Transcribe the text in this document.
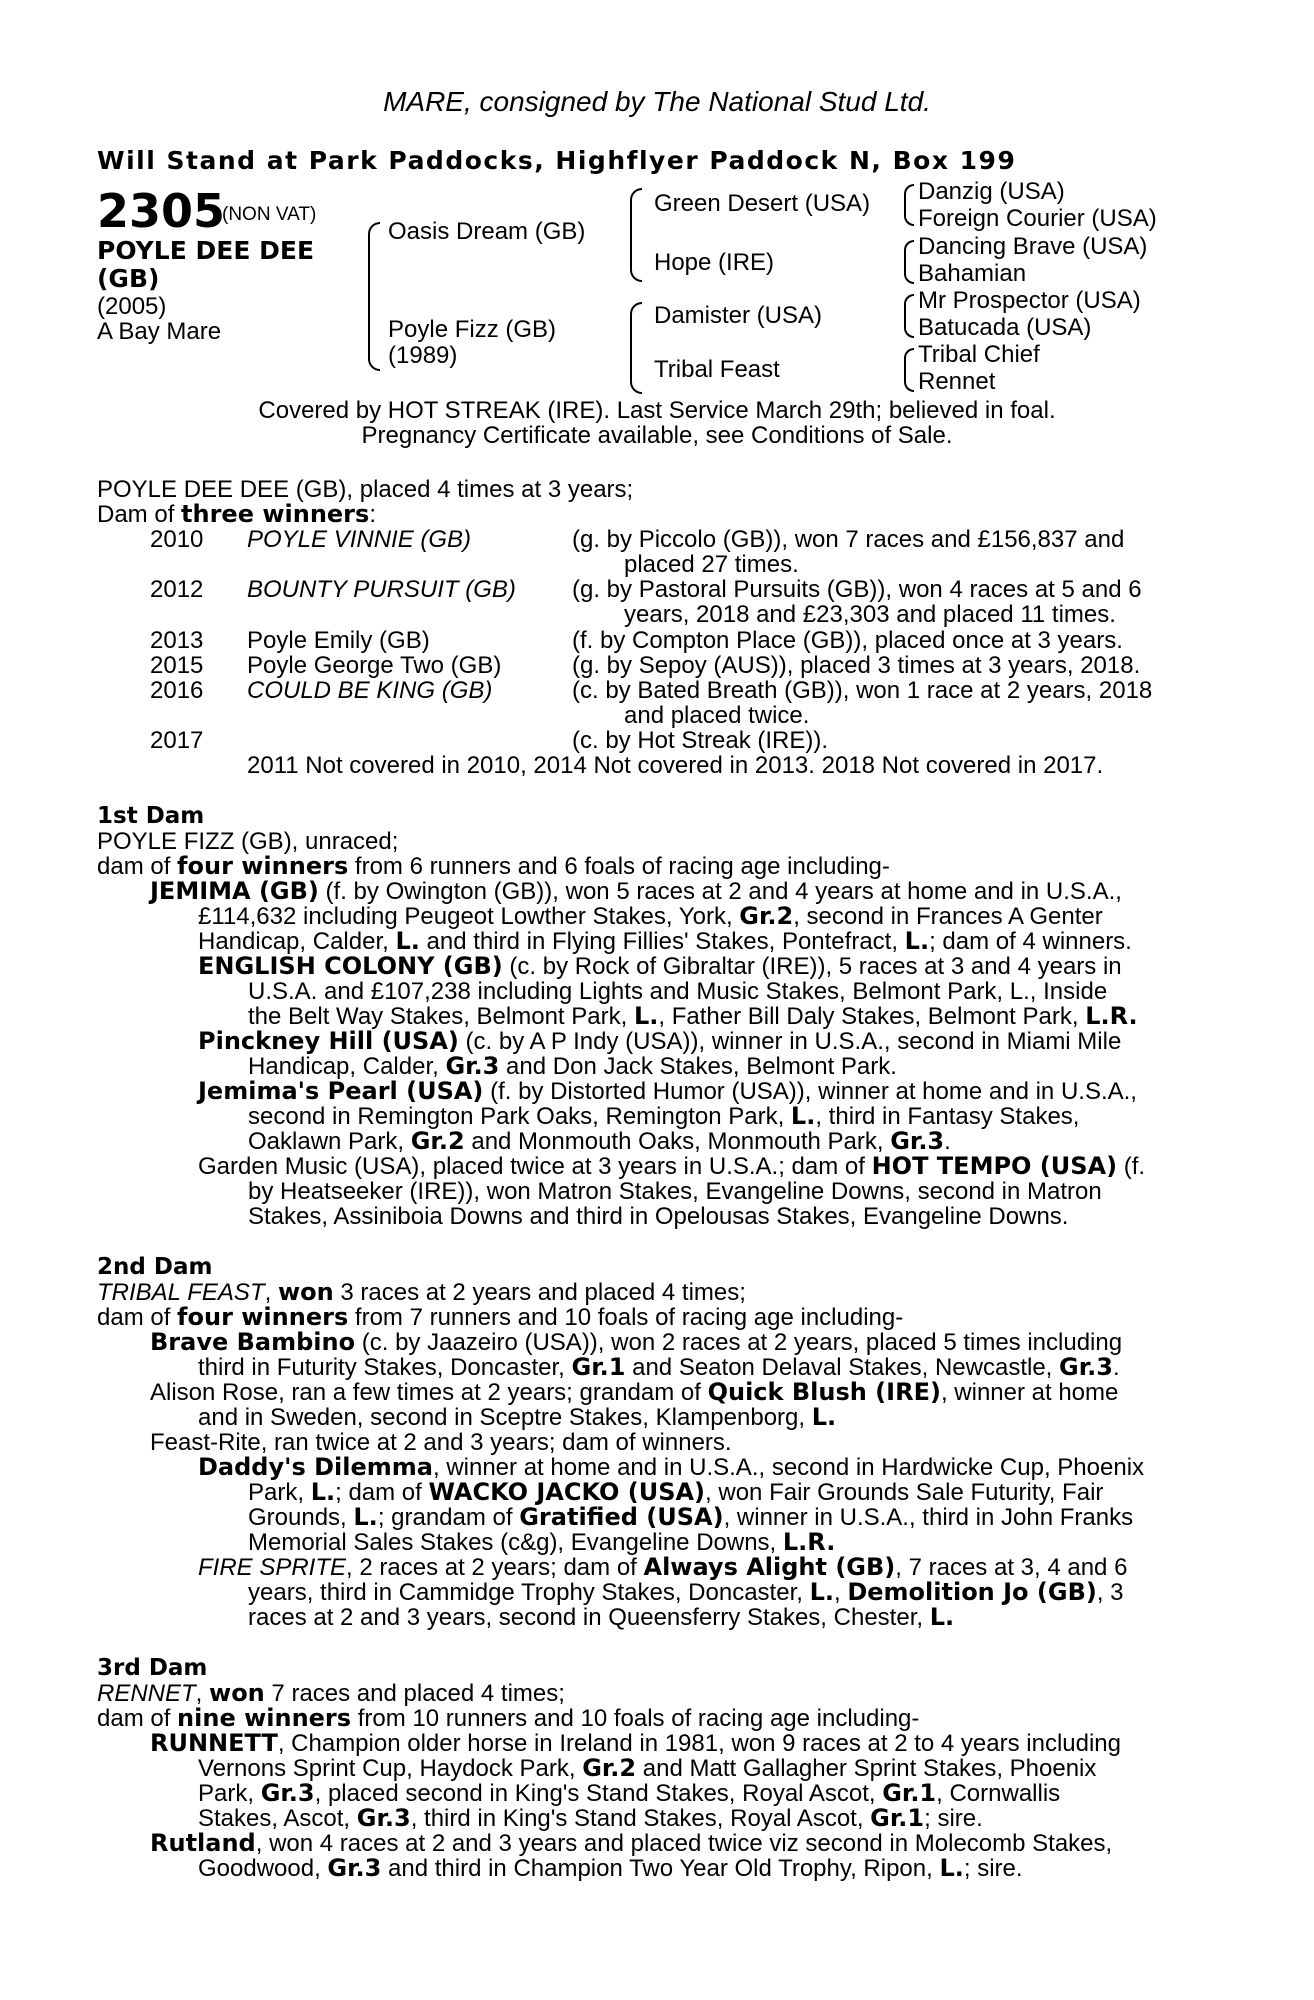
MARE, consigned by The National Stud Ltd.
Will Stand at Park Paddocks, Highflyer Paddock N, Box 199
2305
(NON VAT)
POYLE DEE DEE
(GB)
(2005)
A Bay Mare
Oasis Dream (GB)
Poyle Fizz (GB)
(1989)
Green Desert (USA)
Hope (IRE)
Damister (USA)
Tribal Feast
Danzig (USA)
Foreign Courier (USA)
Dancing Brave (USA)
Bahamian
Mr Prospector (USA)
Batucada (USA)
Tribal Chief
Rennet
Covered by HOT STREAK (IRE). Last Service March 29th; believed in foal.
Pregnancy Certificate available, see Conditions of Sale.
POYLE DEE DEE (GB), placed 4 times at 3 years;
Dam of three winners:
2010 POYLE VINNIE (GB)	(g. by Piccolo (GB)), won 7 races and £156,837 and
placed 27 times.
2012 BOUNTY PURSUIT (GB) (g. by Pastoral Pursuits (GB)), won 4 races at 5 and 6
years, 2018 and £23,303 and placed 11 times.
2013 Poyle Emily (GB)	(f. by Compton Place (GB)), placed once at 3 years.
2015 Poyle George Two (GB)	(g. by Sepoy (AUS)), placed 3 times at 3 years, 2018.
2016 COULD BE KING (GB)	(c. by Bated Breath (GB)), won 1 race at 2 years, 2018
and placed twice.
2017	(c. by Hot Streak (IRE)).
2011 Not covered in 2010, 2014 Not covered in 2013. 2018 Not covered in 2017.
1st Dam
POYLE FIZZ (GB), unraced;
dam of four winners from 6 runners and 6 foals of racing age including-
JEMIMA (GB) (f. by Owington (GB)), won 5 races at 2 and 4 years at home and in U.S.A.,
£114,632 including Peugeot Lowther Stakes, York, Gr.2, second in Frances A Genter
Handicap, Calder, L. and third in Flying Fillies' Stakes, Pontefract, L.; dam of 4 winners.
ENGLISH COLONY (GB) (c. by Rock of Gibraltar (IRE)), 5 races at 3 and 4 years in
U.S.A. and £107,238 including Lights and Music Stakes, Belmont Park, L., Inside
the Belt Way Stakes, Belmont Park, L., Father Bill Daly Stakes, Belmont Park, L.R.
Pinckney Hill (USA) (c. by A P Indy (USA)), winner in U.S.A., second in Miami Mile
Handicap, Calder, Gr.3 and Don Jack Stakes, Belmont Park.
Jemima's Pearl (USA) (f. by Distorted Humor (USA)), winner at home and in U.S.A.,
second in Remington Park Oaks, Remington Park, L., third in Fantasy Stakes,
Oaklawn Park, Gr.2 and Monmouth Oaks, Monmouth Park, Gr.3.
Garden Music (USA), placed twice at 3 years in U.S.A.; dam of HOT TEMPO (USA) (f.
by Heatseeker (IRE)), won Matron Stakes, Evangeline Downs, second in Matron
Stakes, Assiniboia Downs and third in Opelousas Stakes, Evangeline Downs.
2nd Dam
TRIBAL FEAST, won 3 races at 2 years and placed 4 times;
dam of four winners from 7 runners and 10 foals of racing age including-
Brave Bambino (c. by Jaazeiro (USA)), won 2 races at 2 years, placed 5 times including
third in Futurity Stakes, Doncaster, Gr.1 and Seaton Delaval Stakes, Newcastle, Gr.3.
Alison Rose, ran a few times at 2 years; grandam of Quick Blush (IRE), winner at home
and in Sweden, second in Sceptre Stakes, Klampenborg, L.
Feast-Rite, ran twice at 2 and 3 years; dam of winners.
Daddy's Dilemma, winner at home and in U.S.A., second in Hardwicke Cup, Phoenix
Park, L.; dam of WACKO JACKO (USA), won Fair Grounds Sale Futurity, Fair
Grounds, L.; grandam of Gratified (USA), winner in U.S.A., third in John Franks
Memorial Sales Stakes (c&g), Evangeline Downs, L.R.
FIRE SPRITE, 2 races at 2 years; dam of Always Alight (GB), 7 races at 3, 4 and 6
years, third in Cammidge Trophy Stakes, Doncaster, L., Demolition Jo (GB), 3
races at 2 and 3 years, second in Queensferry Stakes, Chester, L.
3rd Dam
RENNET, won 7 races and placed 4 times;
dam of nine winners from 10 runners and 10 foals of racing age including-
RUNNETT, Champion older horse in Ireland in 1981, won 9 races at 2 to 4 years including
Vernons Sprint Cup, Haydock Park, Gr.2 and Matt Gallagher Sprint Stakes, Phoenix
Park, Gr.3, placed second in King's Stand Stakes, Royal Ascot, Gr.1, Cornwallis
Stakes, Ascot, Gr.3, third in King's Stand Stakes, Royal Ascot, Gr.1; sire.
Rutland, won 4 races at 2 and 3 years and placed twice viz second in Molecomb Stakes,
Goodwood, Gr.3 and third in Champion Two Year Old Trophy, Ripon, L.; sire.
